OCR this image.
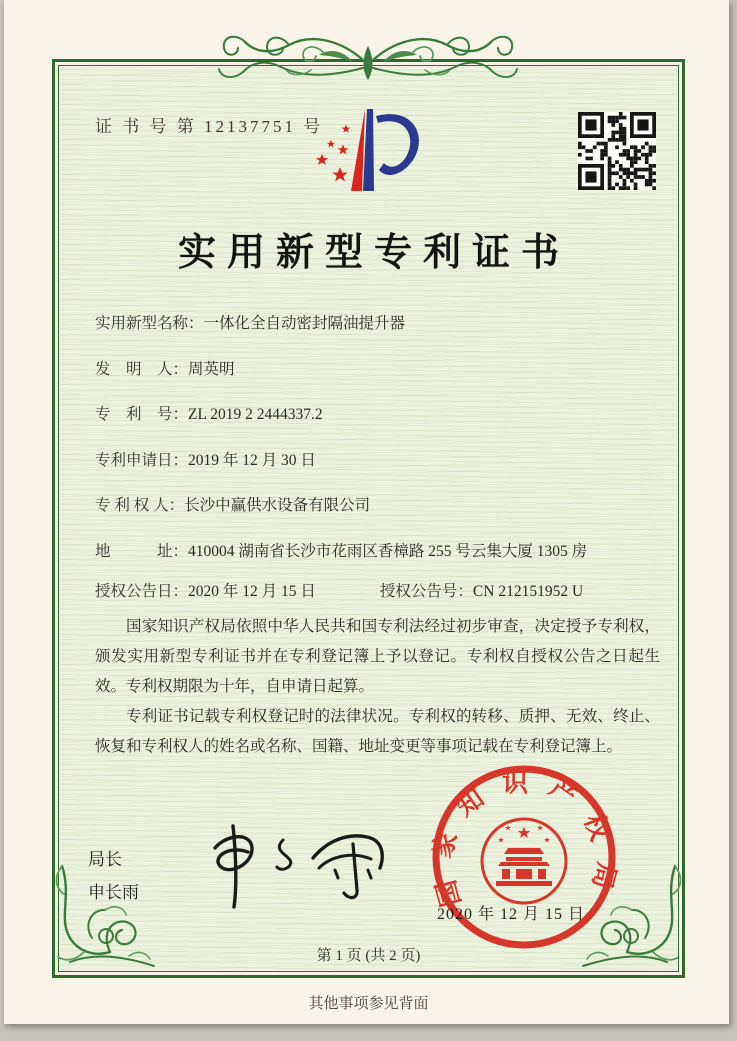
证 书 号 第 12137751 号
实用新型专利证书
实用新型名称：一体化全自动密封隔油提升器
发　明　人：周英明
专　利　号：ZL 2019 2 2444337.2
专利申请日：2019 年 12 月 30 日
专 利 权 人：长沙中赢供水设备有限公司
地　　　址：410004 湖南省长沙市花雨区香樟路 255 号云集大厦 1305 房
授权公告日：2020 年 12 月 15 日	授权公告号：CN 212151952 U

国家知识产权局依照中华人民共和国专利法经过初步审查，决定授予专利权，颁发实用新型专利证书并在专利登记簿上予以登记。专利权自授权公告之日起生效。专利权期限为十年，自申请日起算。

专利证书记载专利权登记时的法律状况。专利权的转移、质押、无效、终止、恢复和专利权人的姓名或名称、国籍、地址变更等事项记载在专利登记簿上。

局长
申长雨
2020 年 12 月 15 日
国家知识产权局
第 1 页 (共 2 页)
其他事项参见背面
